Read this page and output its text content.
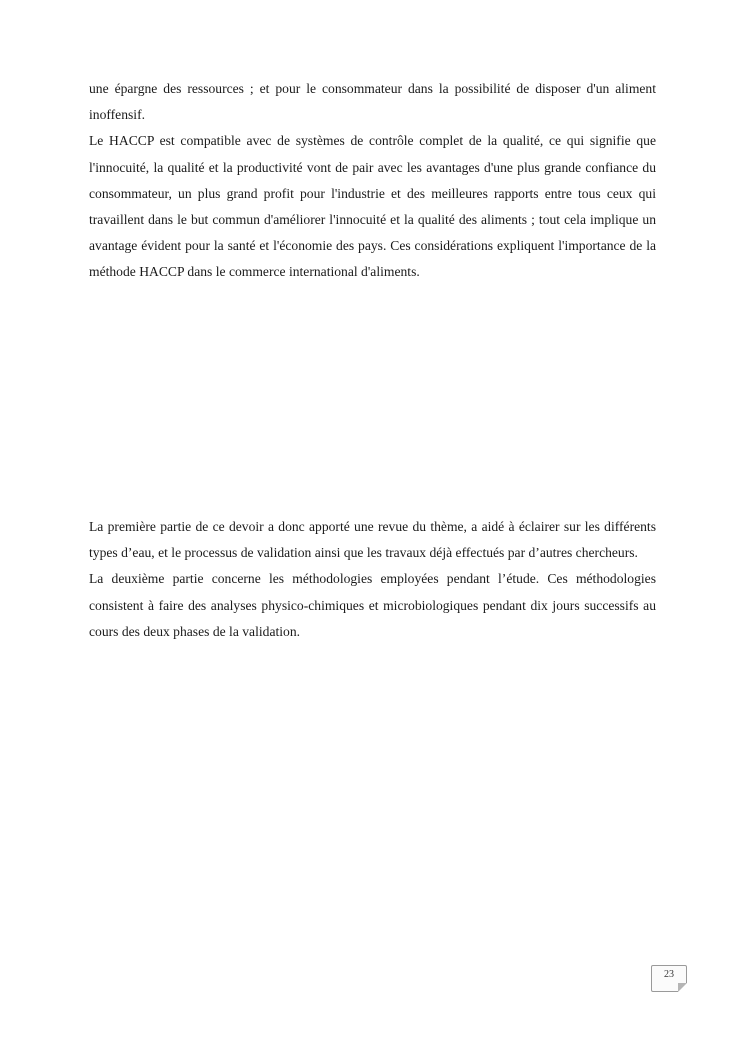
une épargne des ressources ; et pour le consommateur dans la possibilité de disposer d'un aliment inoffensif.

Le HACCP est compatible avec de systèmes de contrôle complet de la qualité, ce qui signifie que l'innocuité, la qualité et la productivité vont de pair avec les avantages d'une plus grande confiance du consommateur, un plus grand profit pour l'industrie et des meilleures rapports entre tous ceux qui travaillent dans le but commun d'améliorer l'innocuité et la qualité des aliments ; tout cela implique un avantage évident pour la santé et l'économie des pays. Ces considérations expliquent l'importance de la méthode HACCP dans le commerce international d'aliments.

La première partie de ce devoir a donc apporté une revue du thème, a aidé à éclairer sur les différents types d’eau, et le processus de validation ainsi que les travaux déjà effectués par d’autres chercheurs.

La deuxième partie concerne les méthodologies employées pendant l’étude. Ces méthodologies consistent à faire des analyses physico-chimiques et microbiologiques pendant dix jours successifs au cours des deux phases de la validation.

23
